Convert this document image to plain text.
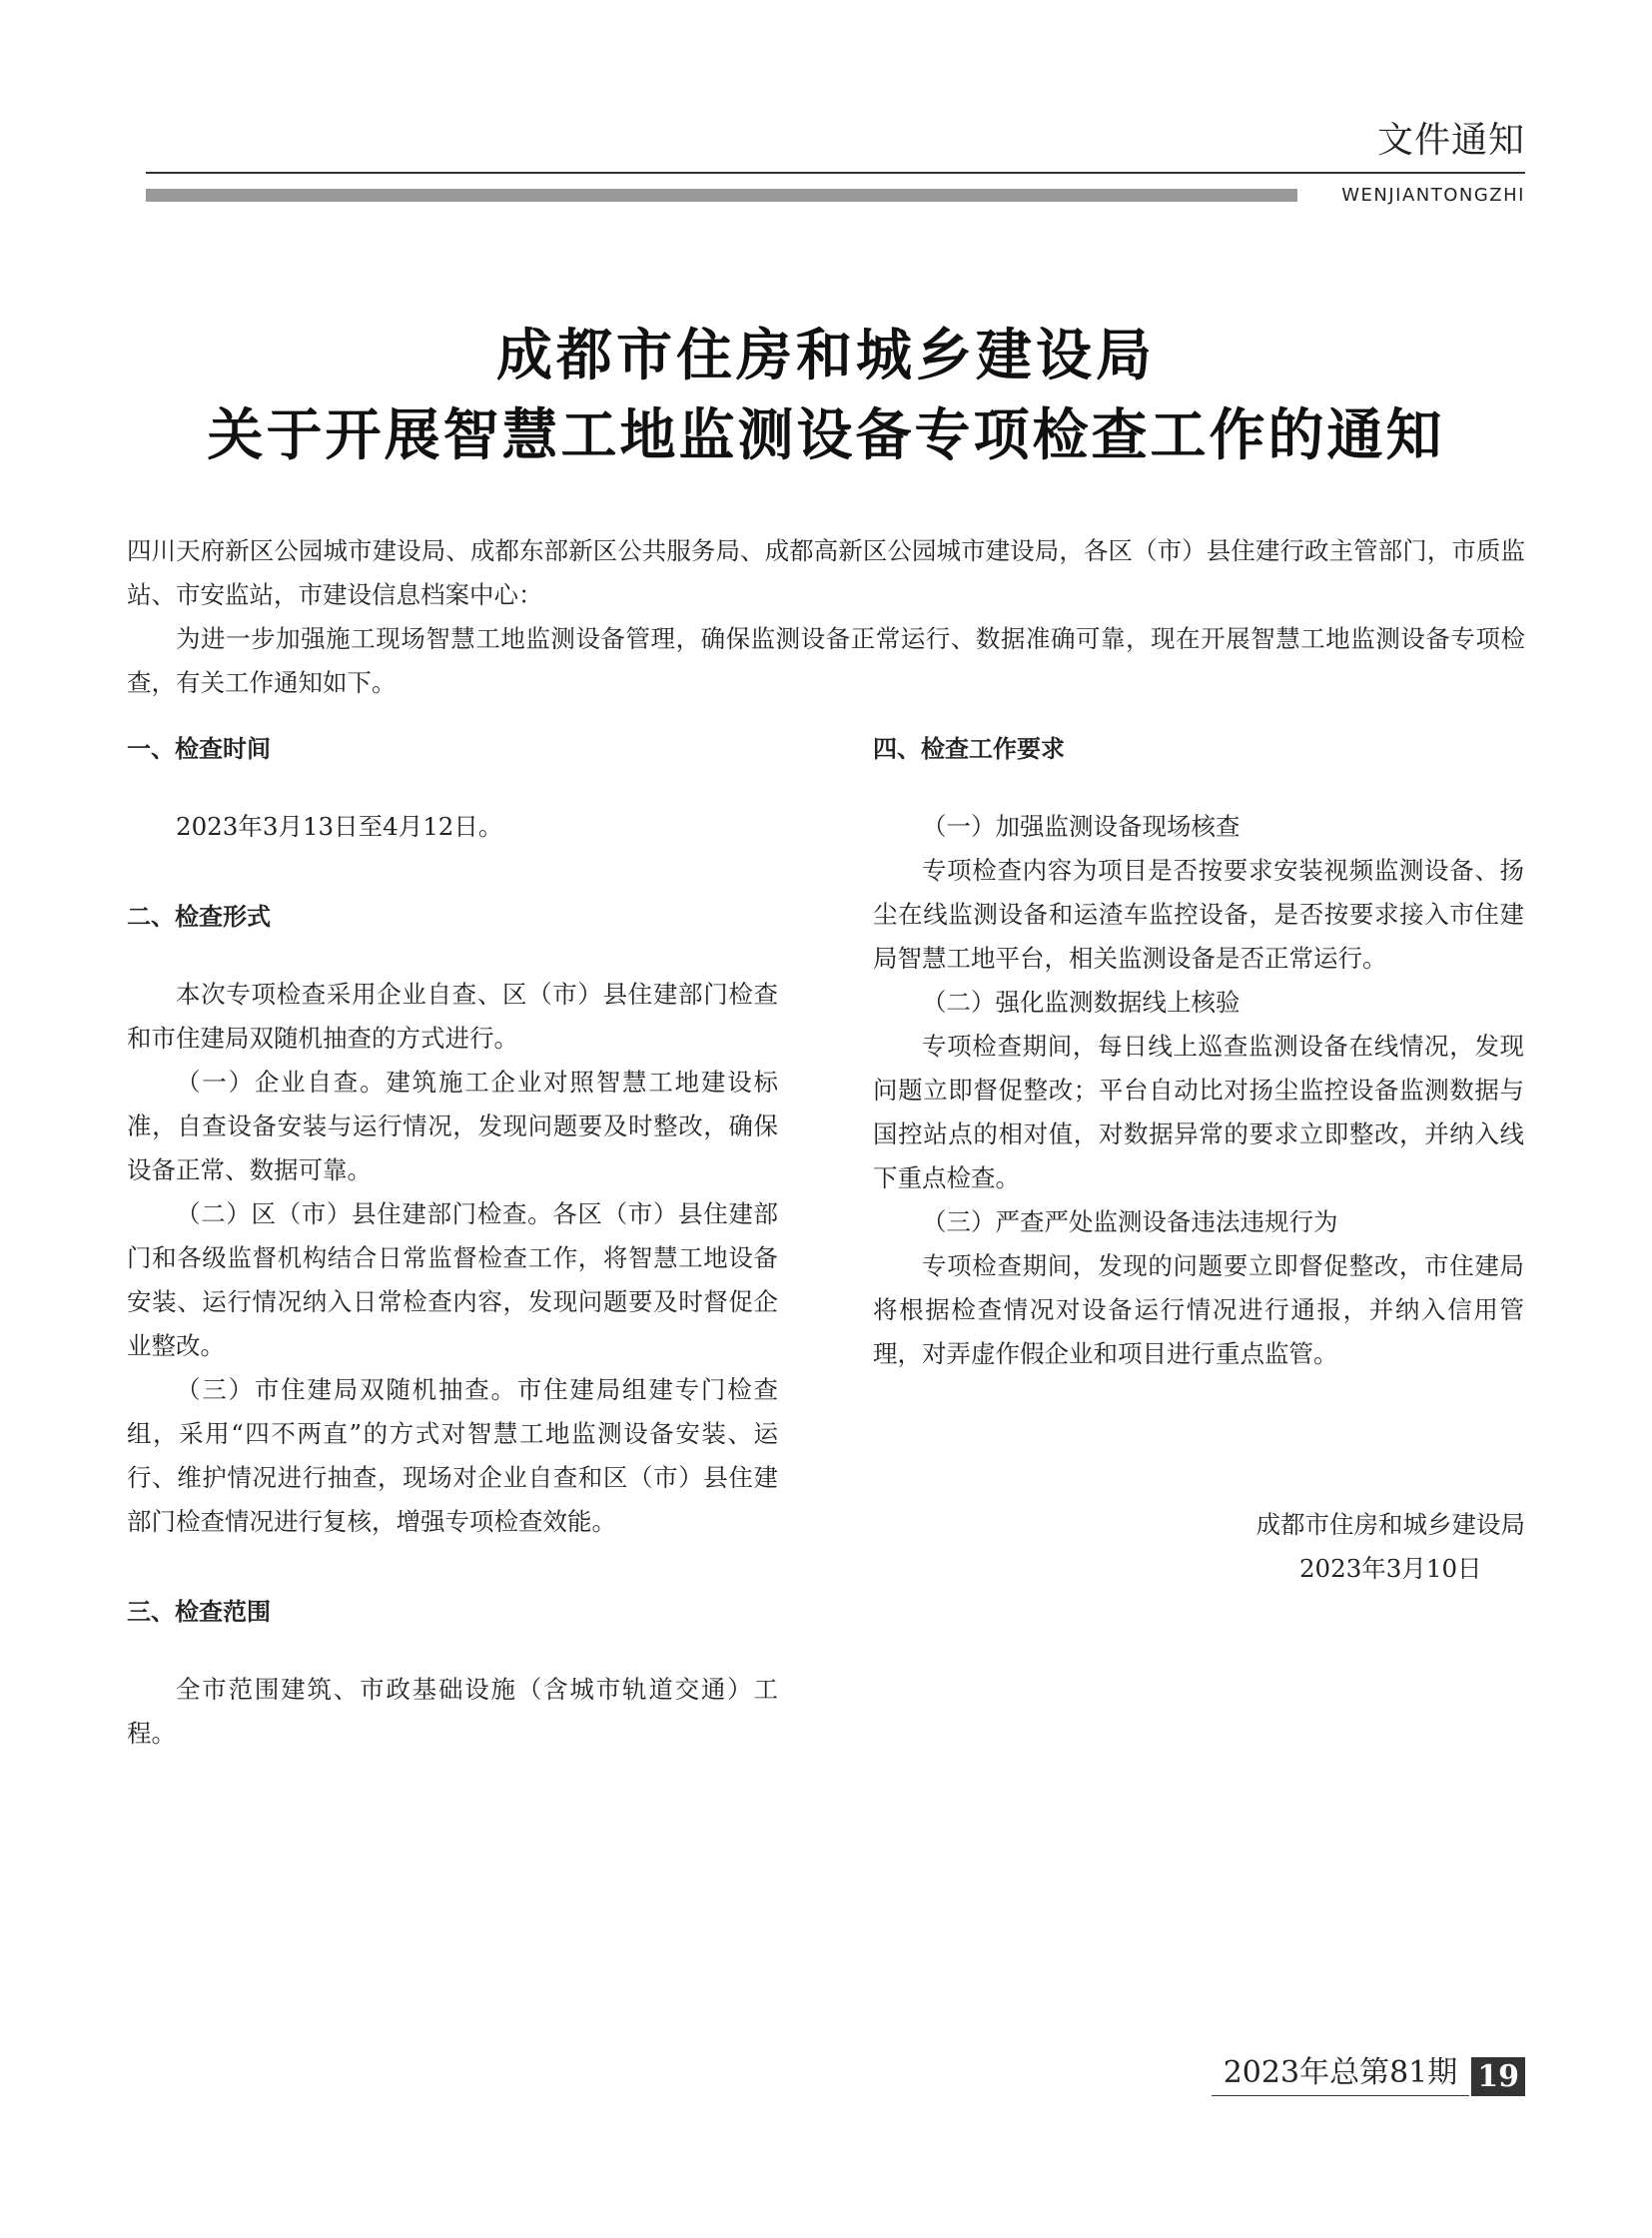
文件通知
WENJIANTONGZHI
成都市住房和城乡建设局
关于开展智慧工地监测设备专项检查工作的通知

四川天府新区公园城市建设局、成都东部新区公共服务局、成都高新区公园城市建设局，各区（市）县住建行政主管部门，市质监站、市安监站，市建设信息档案中心：

为进一步加强施工现场智慧工地监测设备管理，确保监测设备正常运行、数据准确可靠，现在开展智慧工地监测设备专项检查，有关工作通知如下。

一、检查时间

2023年3月13日至4月12日。

二、检查形式

本次专项检查采用企业自查、区（市）县住建部门检查和市住建局双随机抽查的方式进行。

（一）企业自查。建筑施工企业对照智慧工地建设标准，自查设备安装与运行情况，发现问题要及时整改，确保设备正常、数据可靠。

（二）区（市）县住建部门检查。各区（市）县住建部门和各级监督机构结合日常监督检查工作，将智慧工地设备安装、运行情况纳入日常检查内容，发现问题要及时督促企业整改。

（三）市住建局双随机抽查。市住建局组建专门检查组，采用“四不两直”的方式对智慧工地监测设备安装、运行、维护情况进行抽查，现场对企业自查和区（市）县住建部门检查情况进行复核，增强专项检查效能。

三、检查范围

全市范围建筑、市政基础设施（含城市轨道交通）工程。

四、检查工作要求

（一）加强监测设备现场核查

专项检查内容为项目是否按要求安装视频监测设备、扬尘在线监测设备和运渣车监控设备，是否按要求接入市住建局智慧工地平台，相关监测设备是否正常运行。

（二）强化监测数据线上核验

专项检查期间，每日线上巡查监测设备在线情况，发现问题立即督促整改；平台自动比对扬尘监控设备监测数据与国控站点的相对值，对数据异常的要求立即整改，并纳入线下重点检查。

（三）严查严处监测设备违法违规行为

专项检查期间，发现的问题要立即督促整改，市住建局将根据检查情况对设备运行情况进行通报，并纳入信用管理，对弄虚作假企业和项目进行重点监管。

成都市住房和城乡建设局
2023年3月10日
2023年总第81期 19
